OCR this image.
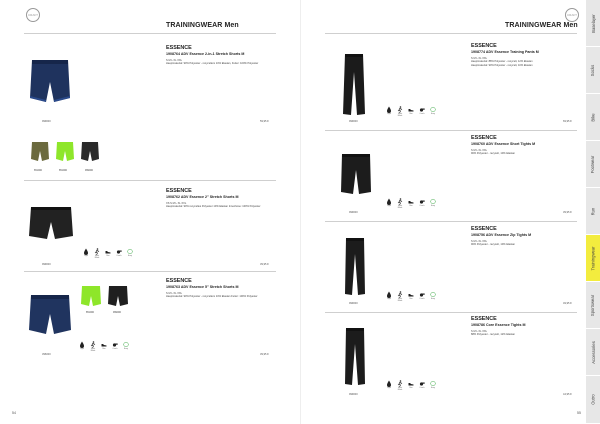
CRAFT
TRAININGWEAR Men
ESSENCE
1908764 ADV Essence 2-in-1 Stretch Shorts M
S M L XL XXL
Hauptmaterial: 90% Polyester - recyceltem 10% Elastan, Futter: 100% Polyester
999000	59,95 €
651000	851000	999000
ESSENCE
1908762 ADV Essence 2" Stretch Shorts M
XS S M L XL XXL
Hauptmaterial: 90% recyceltes Polyester 10% Elastan Innenhose: 100% Polyester
Light	Sport Mode
Run	Coach	Easy
999000	39,95 €
851000	999000
ESSENCE
1908763 ADV Essence 5" Stretch Shorts M
S M L XL XXL
Hauptmaterial: 90% Polyester - recyceltem 10% Elastan Futter: 100% Polyester
Light	Sport Mode
Run	Coach	Easy
396000	39,95 €
54
CRAFT
TRAININGWEAR Men
ESSENCE
1908774 ADV Essence Training Pants M
S M L XL XXL
Hauptmaterial: 88% Polyester - recycelt, 12% Elastan
Hauptmaterial: 90% Polyester - recycelt, 10% Elastan
Light	Sport Mode
Run	Coach	Easy
999000	69,95 €
ESSENCE
1908760 ADV Essence Short Tights M
S M L XL XXL
90% Polyester - recycelt, 10% Elastan
Light	Sport Mode
Run	Coach	Easy
999000	39,95 €
ESSENCE
1908756 ADV Essence Zip Tights M
S M L XL XXL
90% Polyester - recycelt, 10% Elastan
Light	Sport Mode
Run	Coach	Easy
999000	49,95 €
ESSENCE
1908786 Core Essence Tights M
S M L XL XXL
88% Polyester - recycelt, 12% Elastan
Light	Sport Mode
Run	Coach	Easy
999000	44,95 €
55
Baselayer
Socks
Bike
Footwear
Run
Trainingwear
Sportswear
Accessories
Outro
